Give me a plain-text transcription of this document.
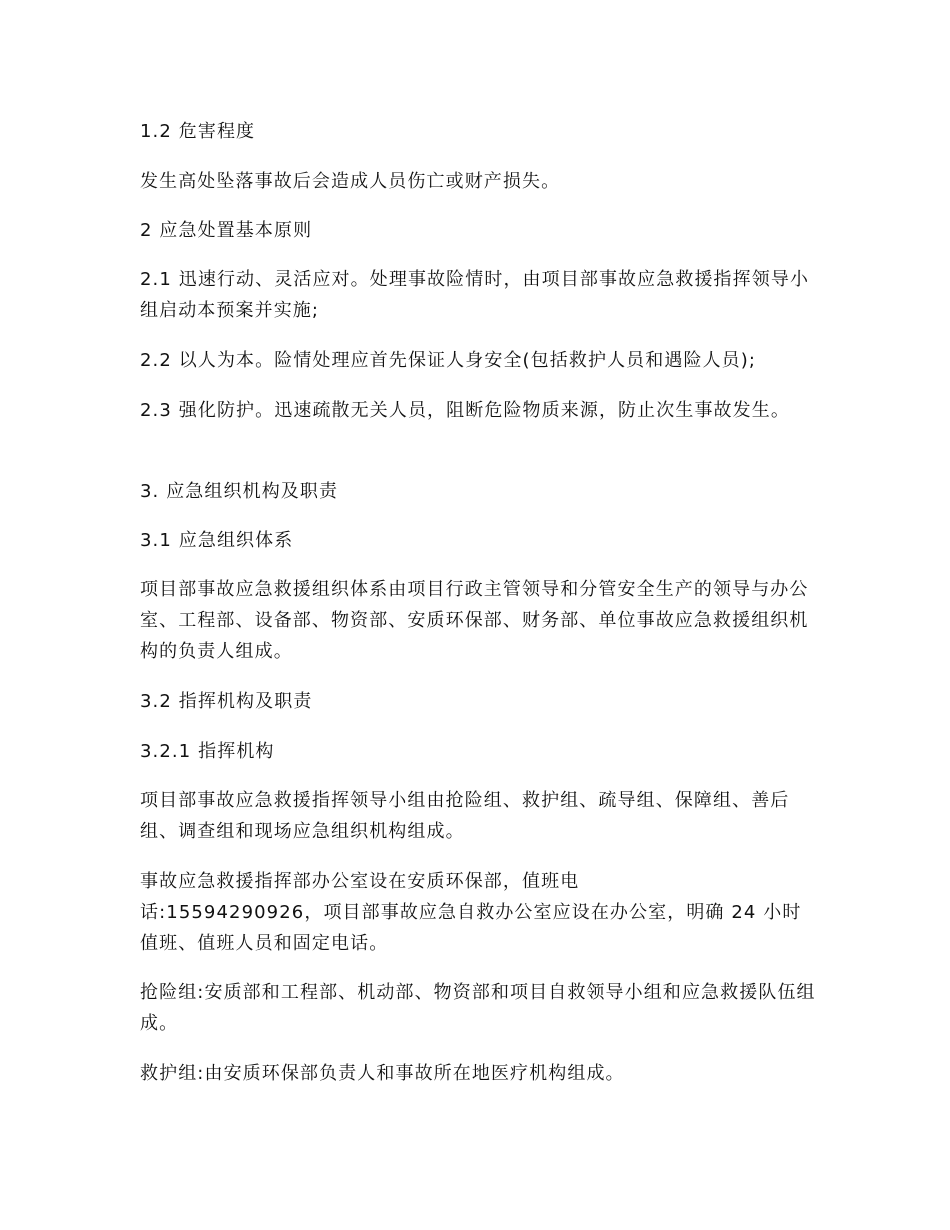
1.2 危害程度

发生高处坠落事故后会造成人员伤亡或财产损失。

2 应急处置基本原则

2.1 迅速行动、灵活应对。处理事故险情时，由项目部事故应急救援指挥领导小组启动本预案并实施;

2.2 以人为本。险情处理应首先保证人身安全(包括救护人员和遇险人员);

2.3 强化防护。迅速疏散无关人员，阻断危险物质来源，防止次生事故发生。

3. 应急组织机构及职责

3.1 应急组织体系

项目部事故应急救援组织体系由项目行政主管领导和分管安全生产的领导与办公室、工程部、设备部、物资部、安质环保部、财务部、单位事故应急救援组织机构的负责人组成。

3.2 指挥机构及职责

3.2.1 指挥机构

项目部事故应急救援指挥领导小组由抢险组、救护组、疏导组、保障组、善后组、调查组和现场应急组织机构组成。

事故应急救援指挥部办公室设在安质环保部，值班电
话:15594290926，项目部事故应急自救办公室应设在办公室，明确 24 小时值班、值班人员和固定电话。

抢险组:安质部和工程部、机动部、物资部和项目自救领导小组和应急救援队伍组成。

救护组:由安质环保部负责人和事故所在地医疗机构组成。
